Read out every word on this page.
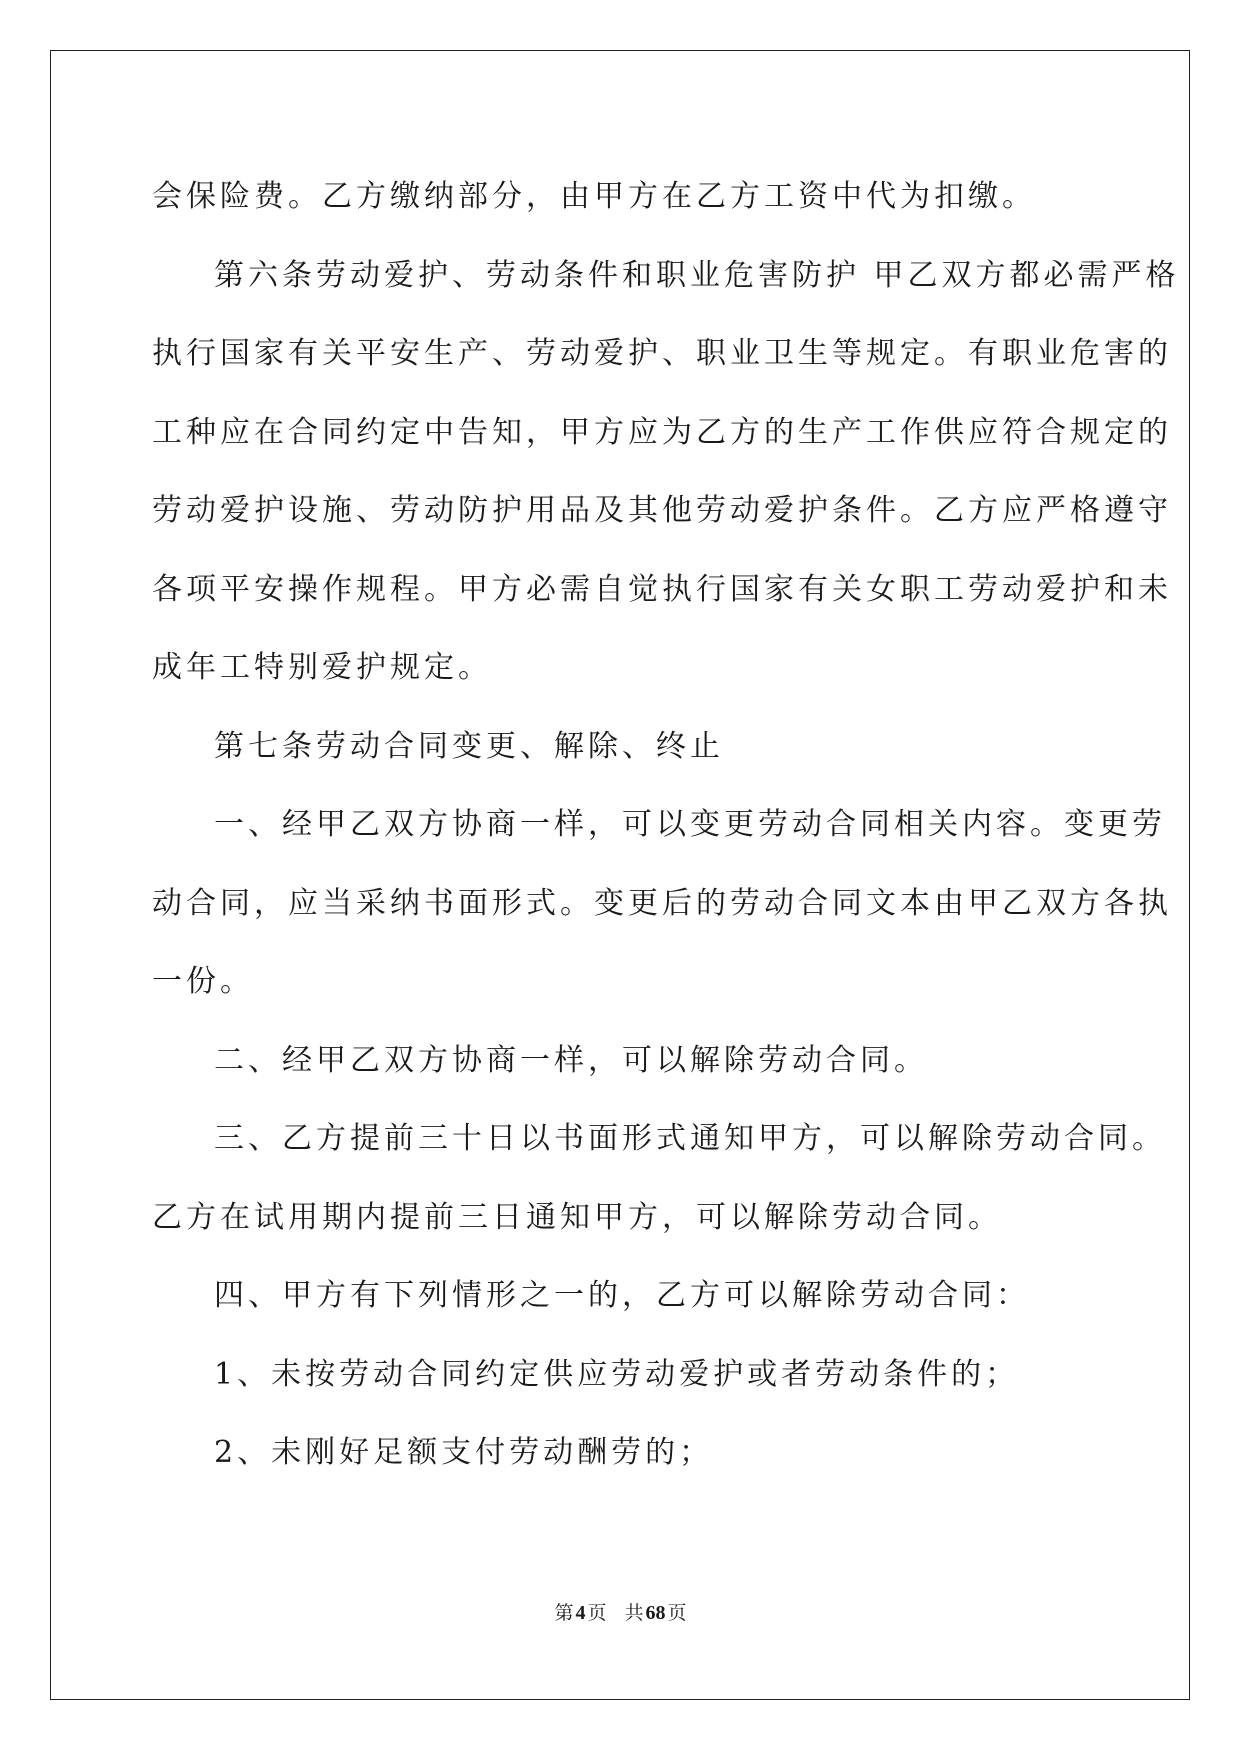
会保险费。乙方缴纳部分，由甲方在乙方工资中代为扣缴。
第六条劳动爱护、劳动条件和职业危害防护 甲乙双方都必需严格
执行国家有关平安生产、劳动爱护、职业卫生等规定。有职业危害的
工种应在合同约定中告知，甲方应为乙方的生产工作供应符合规定的
劳动爱护设施、劳动防护用品及其他劳动爱护条件。乙方应严格遵守
各项平安操作规程。甲方必需自觉执行国家有关女职工劳动爱护和未
成年工特别爱护规定。
第七条劳动合同变更、解除、终止
一、经甲乙双方协商一样，可以变更劳动合同相关内容。变更劳
动合同，应当采纳书面形式。变更后的劳动合同文本由甲乙双方各执
一份。
二、经甲乙双方协商一样，可以解除劳动合同。
三、乙方提前三十日以书面形式通知甲方，可以解除劳动合同。
乙方在试用期内提前三日通知甲方，可以解除劳动合同。
四、甲方有下列情形之一的，乙方可以解除劳动合同：
1、未按劳动合同约定供应劳动爱护或者劳动条件的；
2、未刚好足额支付劳动酬劳的；
第 4 页 共 68 页
